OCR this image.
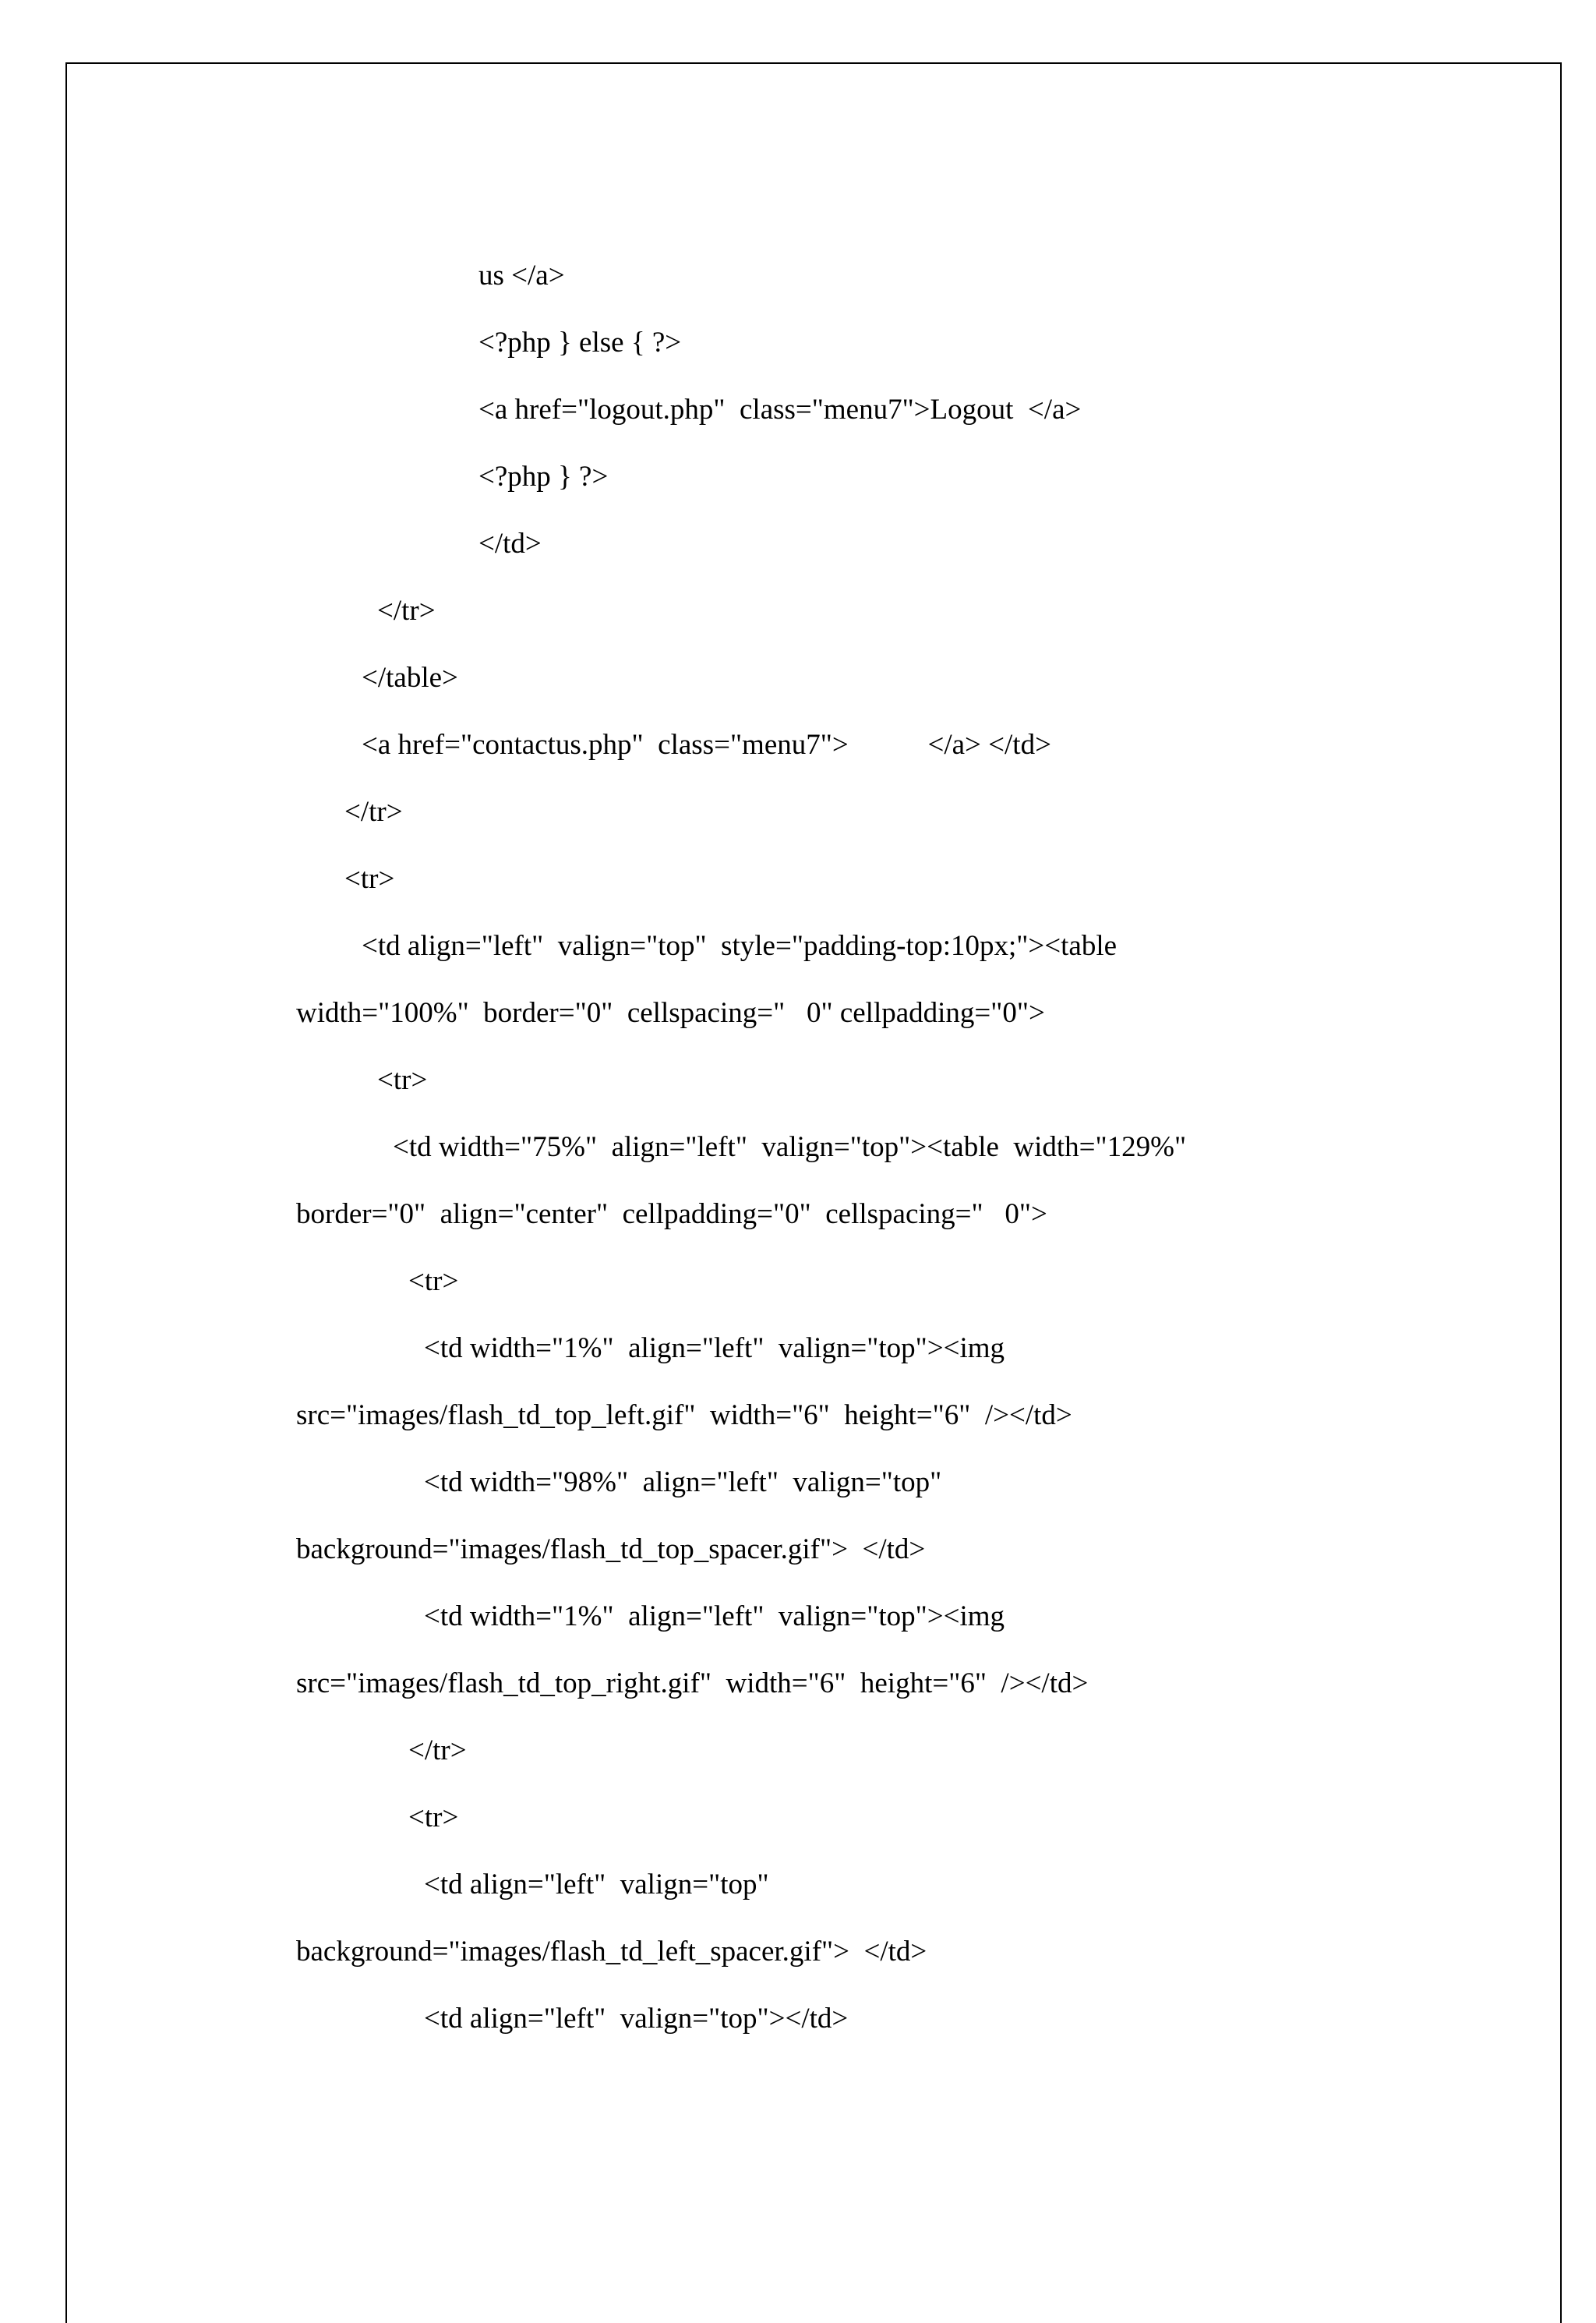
us </a>
<?php } else { ?>
<a href="logout.php"  class="menu7">Logout  </a>
<?php } ?>
</td>
</tr>
</table>
<a href="contactus.php"  class="menu7">           </a> </td>
</tr>
<tr>
<td align="left"  valign="top"  style="padding-top:10px;"><table
width="100%"  border="0"  cellspacing="   0" cellpadding="0">
<tr>
<td width="75%"  align="left"  valign="top"><table  width="129%"
border="0"  align="center"  cellpadding="0"  cellspacing="   0">
<tr>
<td width="1%"  align="left"  valign="top"><img
src="images/flash_td_top_left.gif"  width="6"  height="6"  /></td>
<td width="98%"  align="left"  valign="top"
background="images/flash_td_top_spacer.gif">  </td>
<td width="1%"  align="left"  valign="top"><img
src="images/flash_td_top_right.gif"  width="6"  height="6"  /></td>
</tr>
<tr>
<td align="left"  valign="top"
background="images/flash_td_left_spacer.gif">  </td>
<td align="left"  valign="top"></td>
